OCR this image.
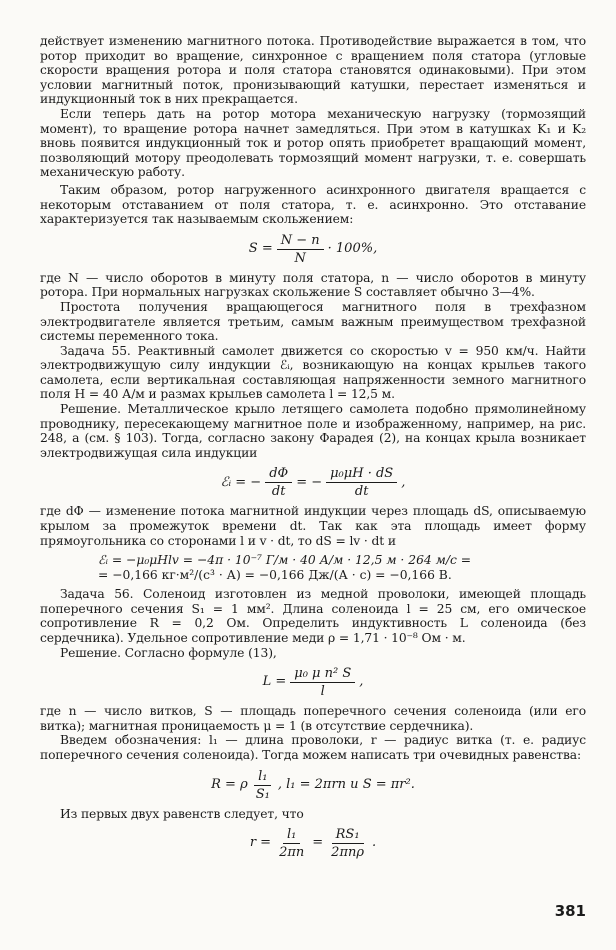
действует изменению магнитного потока. Противодействие выражается в том, что ротор приходит во вращение, синхронное с вращением поля статора (угловые скорости вращения ротора и поля статора становятся одинаковыми). При этом условии магнитный поток, пронизывающий катушки, перестает изменяться и индукционный ток в них прекращается.

Если теперь дать на ротор мотора механическую нагрузку (тормозящий момент), то вращение ротора начнет замедляться. При этом в катушках K₁ и K₂ вновь появится индукционный ток и ротор опять приобретет вращающий момент, позволяющий мотору преодолевать тормозящий момент нагрузки, т. е. совершать механическую работу.

Таким образом, ротор нагруженного асинхронного двигателя вращается с некоторым отставанием от поля статора, т. е. асинхронно. Это отставание характеризуется так называемым скольжением:

$S = \frac{N - n}{N} \cdot 100\%$,

где N — число оборотов в минуту поля статора, n — число оборотов в минуту ротора. При нормальных нагрузках скольжение S составляет обычно 3—4%.

Простота получения вращающегося магнитного поля в трехфазном электродвигателе является третьим, самым важным преимуществом трехфазной системы переменного тока.

Задача 55. Реактивный самолет движется со скоростью v = 950 км/ч. Найти электродвижущую силу индукции ℰᵢ, возникающую на концах крыльев такого самолета, если вертикальная составляющая напряженности земного магнитного поля H = 40 А/м и размах крыльев самолета l = 12,5 м.

Решение. Металлическое крыло летящего самолета подобно прямолинейному проводнику, пересекающему магнитное поле и изображенному, например, на рис. 248, а (см. § 103). Тогда, согласно закону Фарадея (2), на концах крыла возникает электродвижущая сила индукции

ℰᵢ = − $\frac{d\Phi}{dt}$ = − $\frac{\text{μ₀μH · dS}}{dt}$ ,

где dΦ — изменение потока магнитной индукции через площадь dS, описываемую крылом за промежуток времени dt. Так как эта площадь имеет форму прямоугольника со сторонами l и v · dt, то dS = lv · dt и

ℰᵢ = −μ₀μHlv = −4π · 10⁻⁷ Г/м · 40 А/м · 12,5 м · 264 м/с =
= −0,166 кг·м²/(с³ · А) = −0,166 Дж/(А · с) = −0,166 В.

Задача 56. Соленоид изготовлен из медной проволоки, имеющей площадь поперечного сечения S₁ = 1 мм². Длина соленоида l = 25 см, его омическое сопротивление R = 0,2 Ом. Определить индуктивность L соленоида (без сердечника). Удельное сопротивление меди ρ = 1,71 · 10⁻⁸ Ом · м.

Решение. Согласно формуле (13),

$L = \frac{\text{μ₀ μ n² S}}{l}$ ,

где n — число витков, S — площадь поперечного сечения соленоида (или его витка); магнитная проницаемость μ = 1 (в отсутствие сердечника).

Введем обозначения: l₁ — длина проволоки, r — радиус витка (т. е. радиус поперечного сечения соленоида). Тогда можем написать три очевидных равенства:

R = ρ $\frac{\text{l₁}}{\text{S₁}}$ , l₁ = 2πrn и S = πr².

Из первых двух равенств следует, что

$r = \frac{\text{l₁}}{2\pi n} = \frac{\text{RS₁}}{\text{2πnρ}}$ .
381
